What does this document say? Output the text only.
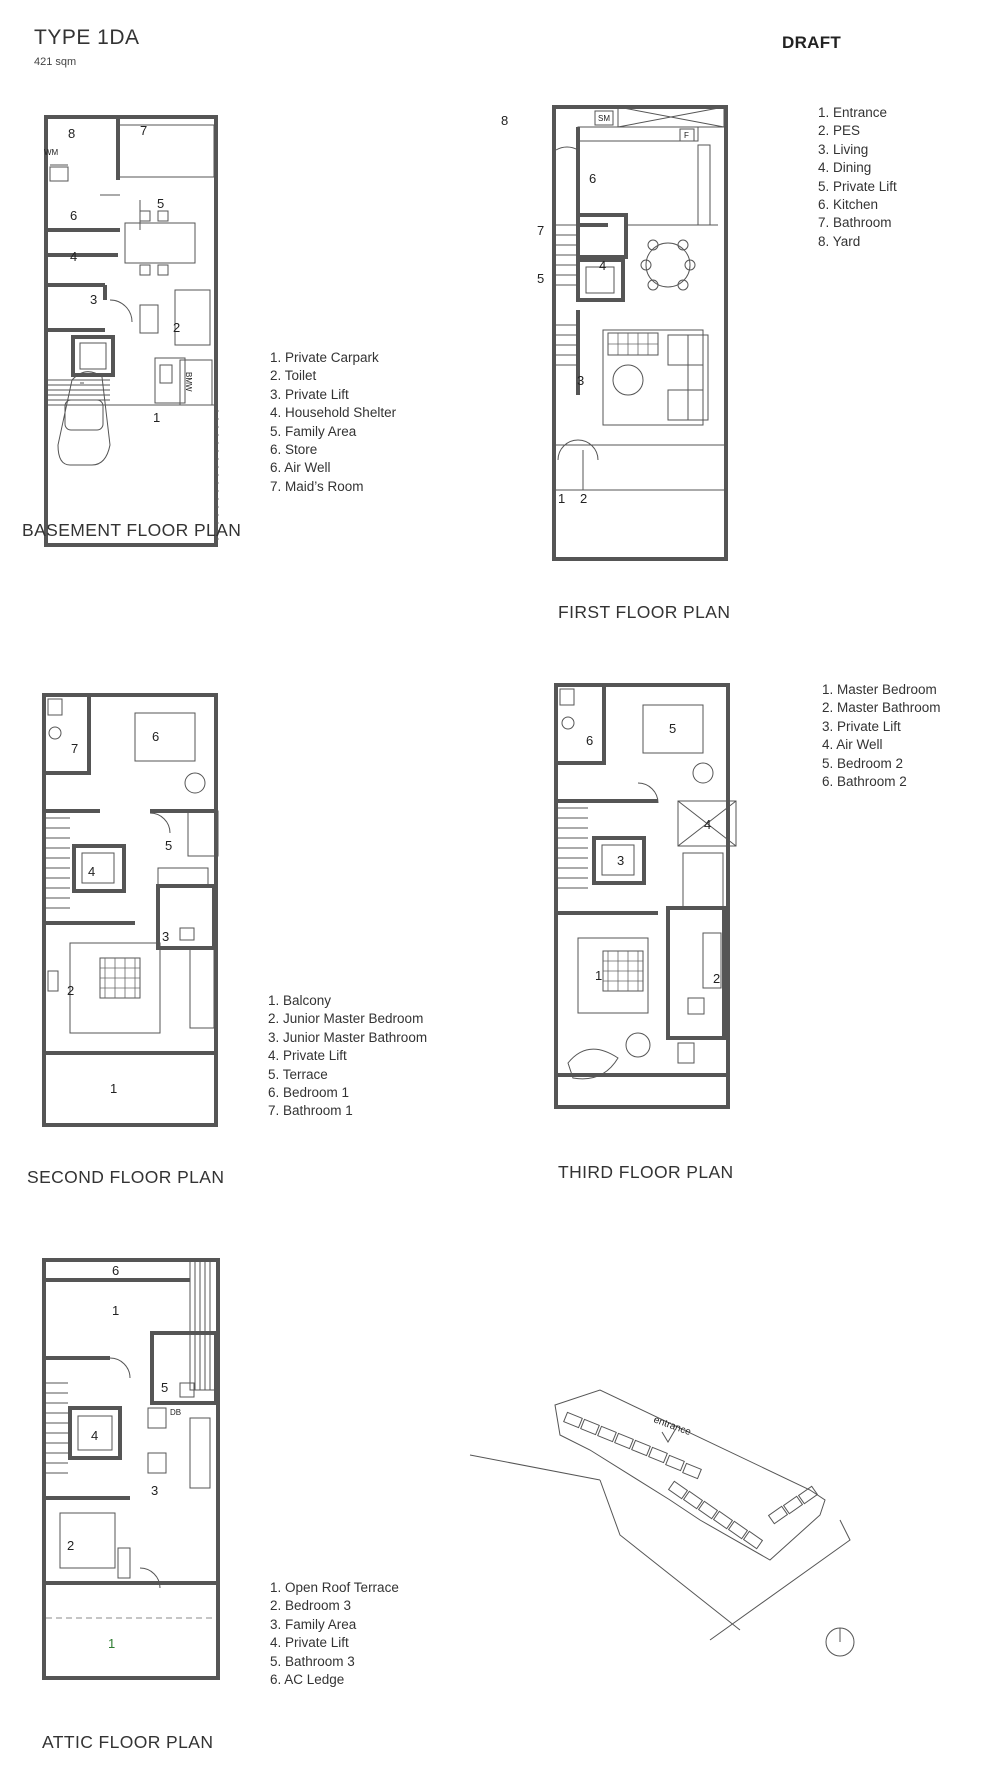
TYPE 1DA
421 sqm
DRAFT
1
2
3
4
5
6
7
8
WM
BMW
1. Private Carpark
2. Toilet
3. Private Lift
4. Household Shelter
5. Family Area
6. Store
6. Air Well
7. Maid’s Room
BASEMENT FLOOR PLAN
1 2
3
4
5
6
7
8	SM
F
1. Entrance
2. PES
3. Living
4. Dining
5. Private Lift
6. Kitchen
7. Bathroom
8. Yard
FIRST FLOOR PLAN
1
2
3
4
5
6
7
1. Balcony
2. Junior Master Bedroom
3. Junior Master Bathroom
4. Private Lift
5. Terrace
6. Bedroom 1
7. Bathroom 1
SECOND FLOOR PLAN
1	2
3
4
5
6
1. Master Bedroom
2. Master Bathroom
3. Private Lift
4. Air Well
5. Bedroom 2
6. Bathroom 2
THIRD FLOOR PLAN
1
2
3
4
5
6
1
DB
1. Open Roof Terrace
2. Bedroom 3
3. Family Area
4. Private Lift
5. Bathroom 3
6. AC Ledge
ATTIC FLOOR PLAN
entrance
